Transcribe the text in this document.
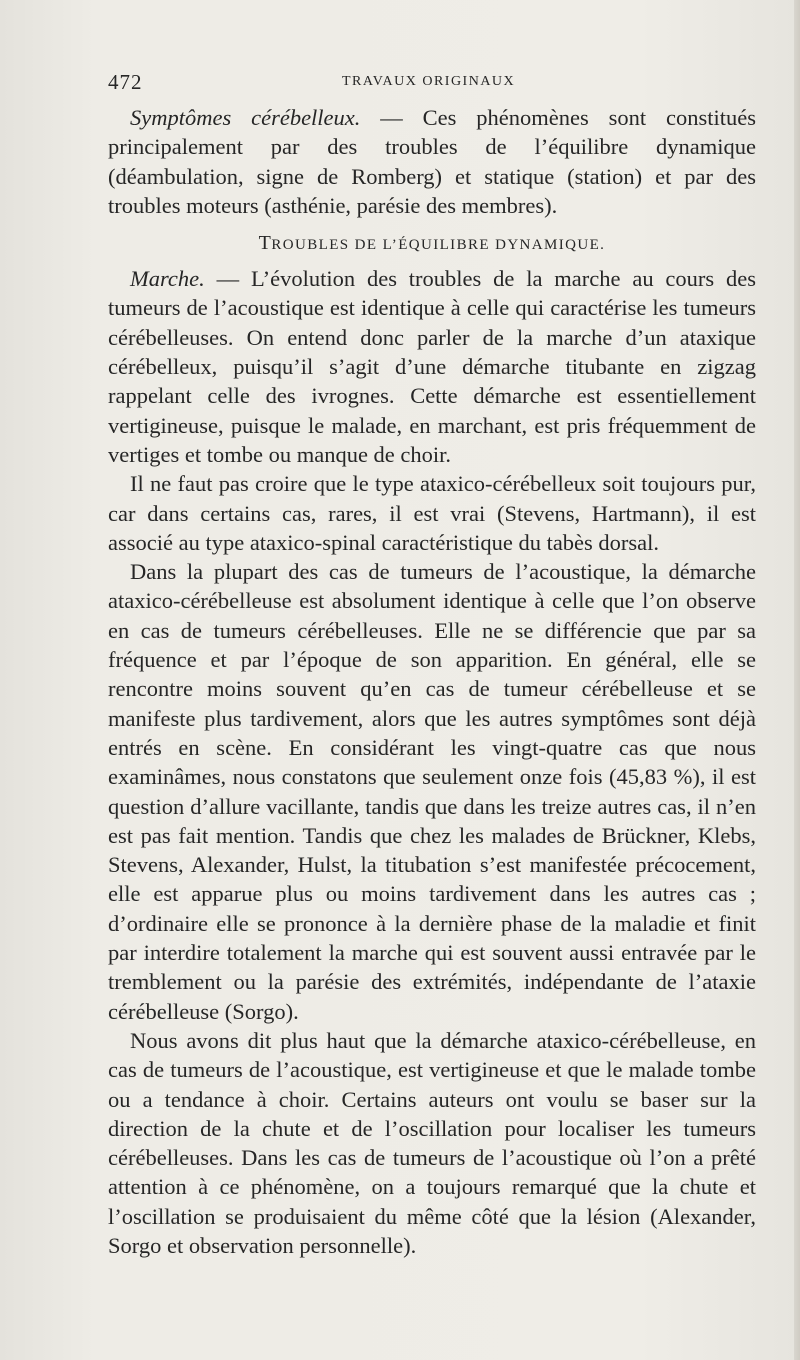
472	TRAVAUX ORIGINAUX

Symptômes cérébelleux. — Ces phénomènes sont constitués principalement par des troubles de l’équilibre dynamique (déambulation, signe de Romberg) et statique (station) et par des troubles moteurs (asthénie, parésie des membres).

TROUBLES DE L’ÉQUILIBRE DYNAMIQUE.

Marche. — L’évolution des troubles de la marche au cours des tumeurs de l’acoustique est identique à celle qui caractérise les tumeurs cérébelleuses. On entend donc parler de la marche d’un ataxique cérébelleux, puisqu’il s’agit d’une démarche titubante en zigzag rappelant celle des ivrognes. Cette démarche est essentiellement vertigineuse, puisque le malade, en marchant, est pris fréquemment de vertiges et tombe ou manque de choir.

Il ne faut pas croire que le type ataxico-cérébelleux soit toujours pur, car dans certains cas, rares, il est vrai (Stevens, Hartmann), il est associé au type ataxico-spinal caractéristique du tabès dorsal.

Dans la plupart des cas de tumeurs de l’acoustique, la démarche ataxico-cérébelleuse est absolument identique à celle que l’on observe en cas de tumeurs cérébelleuses. Elle ne se différencie que par sa fréquence et par l’époque de son apparition. En général, elle se rencontre moins souvent qu’en cas de tumeur cérébelleuse et se manifeste plus tardivement, alors que les autres symptômes sont déjà entrés en scène. En considérant les vingt-quatre cas que nous examinâmes, nous constatons que seulement onze fois (45,83 %), il est question d’allure vacillante, tandis que dans les treize autres cas, il n’en est pas fait mention. Tandis que chez les malades de Brückner, Klebs, Stevens, Alexander, Hulst, la titubation s’est manifestée précocement, elle est apparue plus ou moins tardivement dans les autres cas ; d’ordinaire elle se prononce à la dernière phase de la maladie et finit par interdire totalement la marche qui est souvent aussi entravée par le tremblement ou la parésie des extrémités, indépendante de l’ataxie cérébelleuse (Sorgo).

Nous avons dit plus haut que la démarche ataxico-cérébelleuse, en cas de tumeurs de l’acoustique, est vertigineuse et que le malade tombe ou a tendance à choir. Certains auteurs ont voulu se baser sur la direction de la chute et de l’oscillation pour localiser les tumeurs cérébelleuses. Dans les cas de tumeurs de l’acoustique où l’on a prêté attention à ce phénomène, on a toujours remarqué que la chute et l’oscillation se produisaient du même côté que la lésion (Alexander, Sorgo et observation personnelle).
